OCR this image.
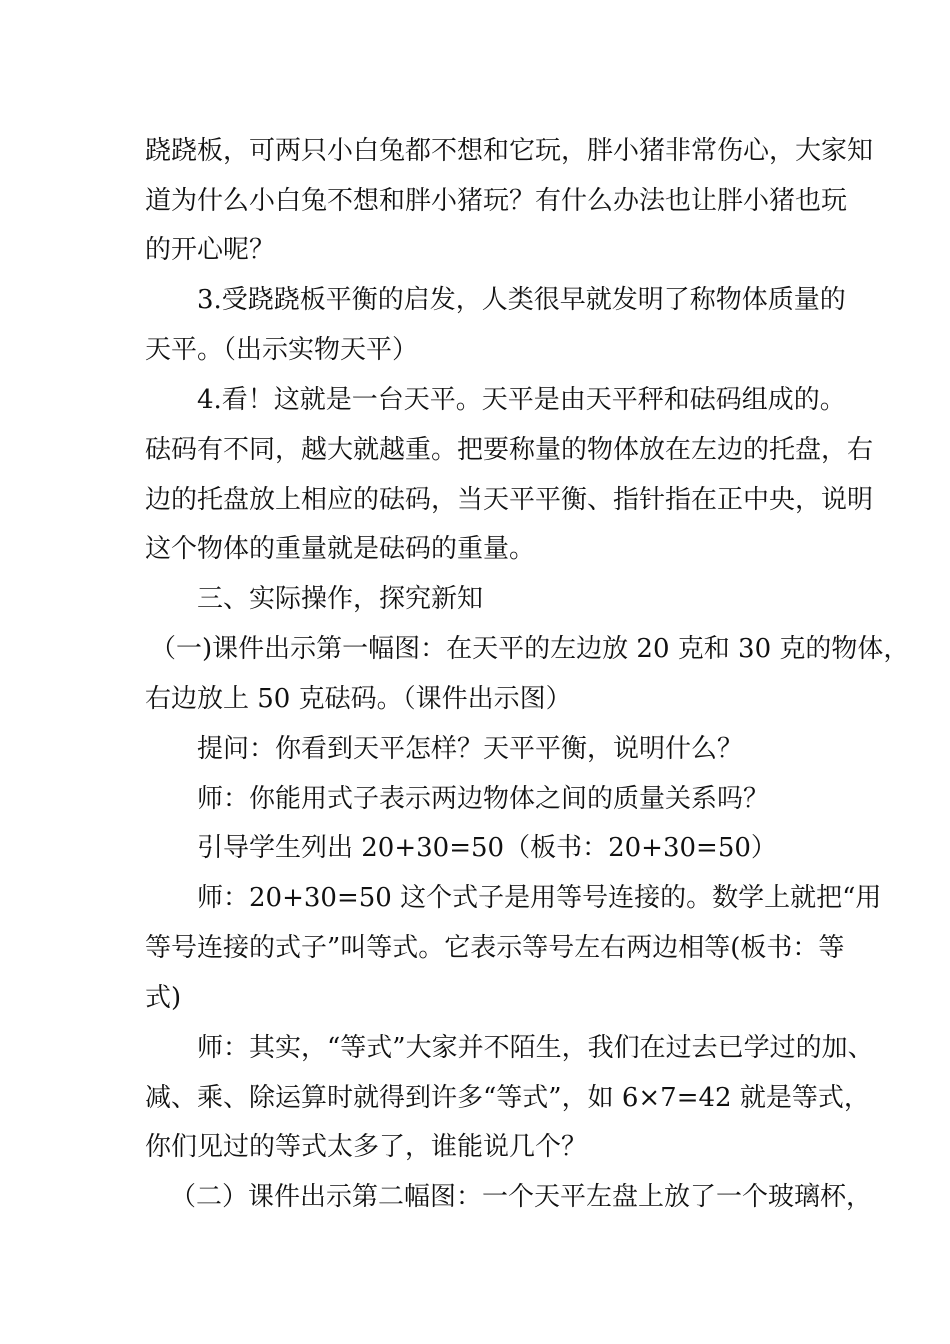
跷跷板，可两只小白兔都不想和它玩，胖小猪非常伤心，大家知
道为什么小白兔不想和胖小猪玩？有什么办法也让胖小猪也玩
的开心呢？
3.受跷跷板平衡的启发，人类很早就发明了称物体质量的
天平。（出示实物天平）
4.看！这就是一台天平。天平是由天平秤和砝码组成的。
砝码有不同，越大就越重。把要称量的物体放在左边的托盘，右
边的托盘放上相应的砝码，当天平平衡、指针指在正中央，说明
这个物体的重量就是砝码的重量。
三、实际操作，探究新知
（一)课件出示第一幅图：在天平的左边放 20 克和 30 克的物体，
右边放上 50 克砝码。（课件出示图）
提问：你看到天平怎样？天平平衡，说明什么？
师：你能用式子表示两边物体之间的质量关系吗？
引导学生列出 20+30=50（板书：20+30=50）
师：20+30=50 这个式子是用等号连接的。数学上就把“用
等号连接的式子”叫等式。它表示等号左右两边相等(板书：等
式)
师：其实，“等式”大家并不陌生，我们在过去已学过的加、
减、乘、除运算时就得到许多“等式”，如 6×7=42 就是等式，
你们见过的等式太多了，谁能说几个？
（二）课件出示第二幅图：一个天平左盘上放了一个玻璃杯，
